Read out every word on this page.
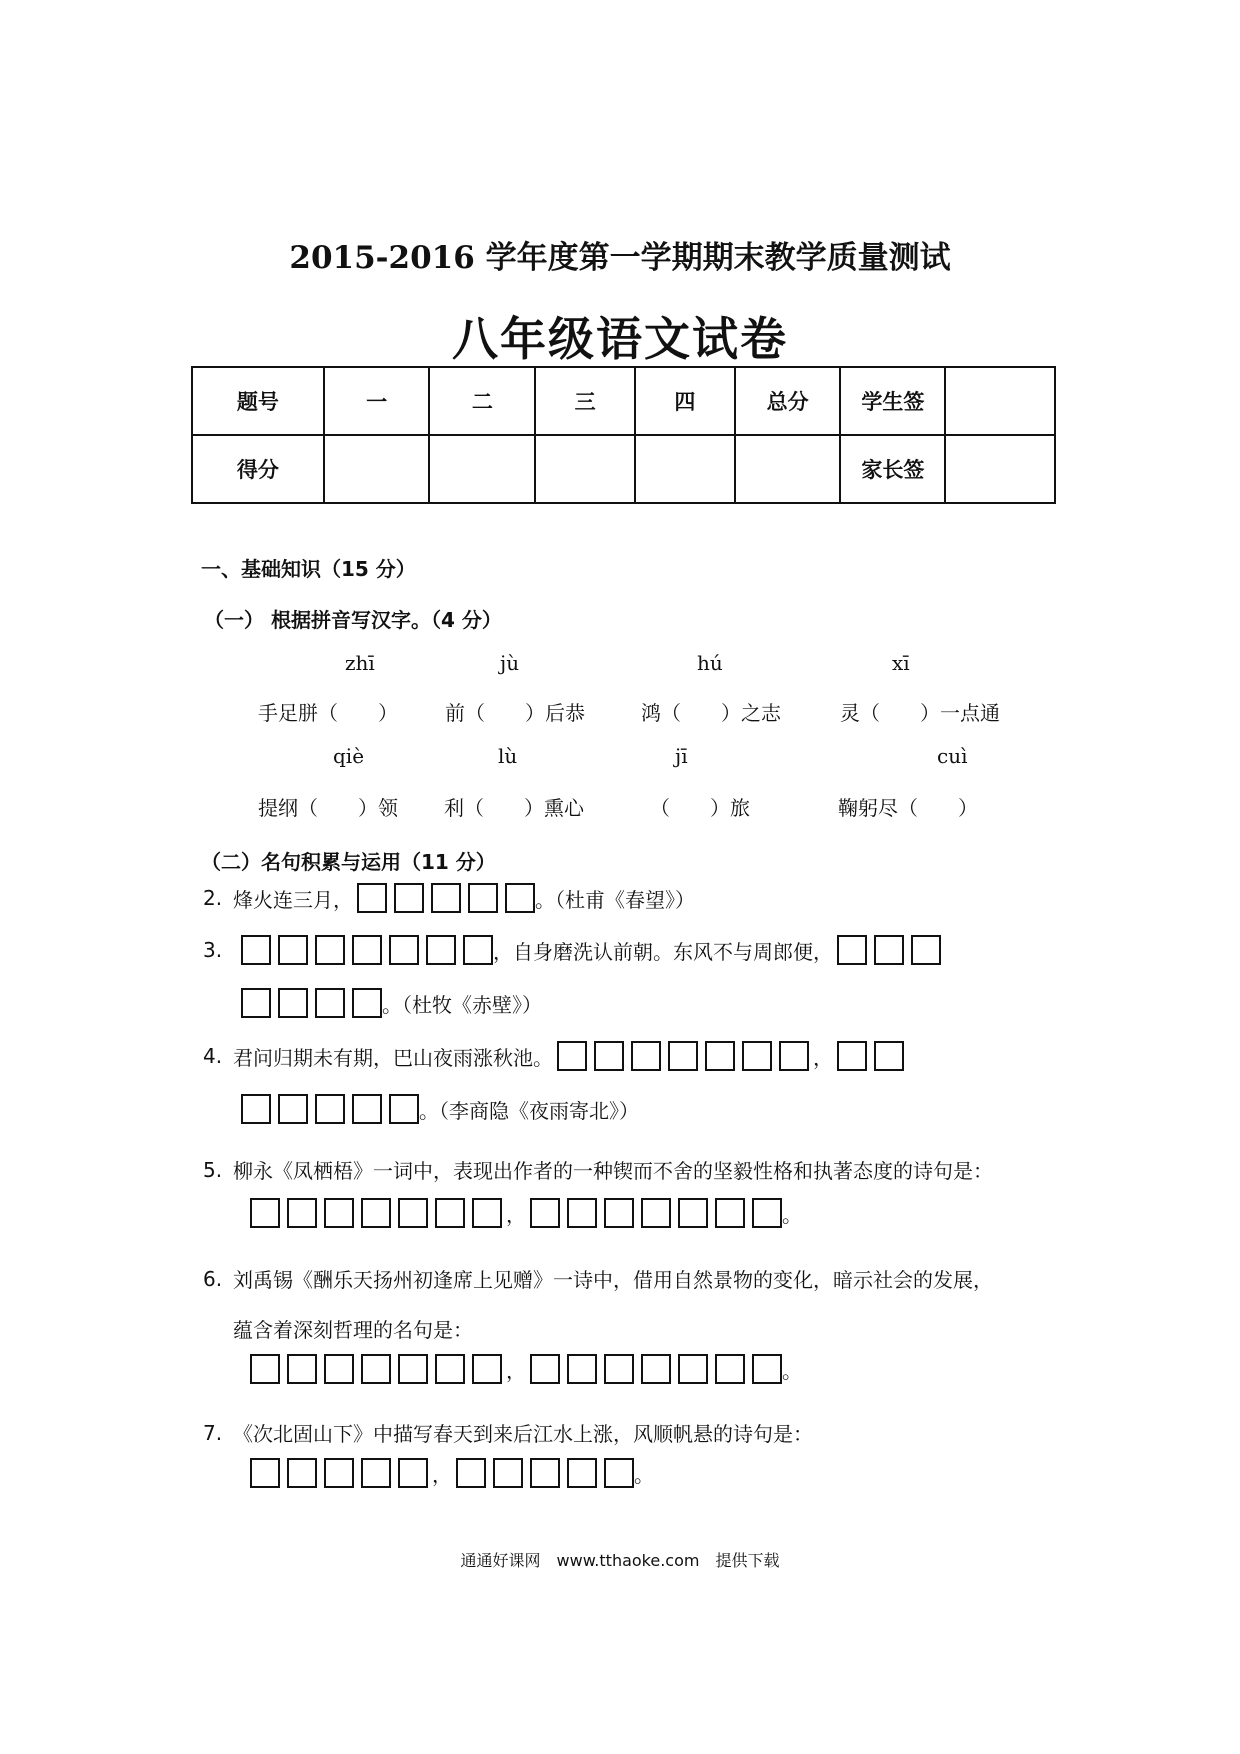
2015-2016 学年度第一学期期末教学质量测试
八年级语文试卷
题号	一	二	三	四	总分	学生签	
得分						家长签	
一、基础知识（15 分）
（一） 根据拼音写汉字。（4 分）
zhī	jù	hú	xī
手足胼（　　） 前（　　）后恭	鸿（　　）之志	灵（　　）一点通
qiè	lù	jī	cuì
提纲（　　）领 利（　　）熏心	（　　）旅	鞠躬尽（　　）
（二）名句积累与运用（11 分）
2. 烽火连三月，	。（杜甫《春望》）
3.	，自身磨洗认前朝。东风不与周郎便，
。（杜牧《赤壁》）
4. 君问归期未有期，巴山夜雨涨秋池。	，
。（李商隐《夜雨寄北》）
5. 柳永《凤栖梧》一词中，表现出作者的一种锲而不舍的坚毅性格和执著态度的诗句是：
，	。
6. 刘禹锡《酬乐天扬州初逢席上见赠》一诗中，借用自然景物的变化，暗示社会的发展，
蕴含着深刻哲理的名句是：
，	。
7. 《次北固山下》中描写春天到来后江水上涨，风顺帆悬的诗句是：
，	。
通通好课网　www.tthaoke.com　提供下载
